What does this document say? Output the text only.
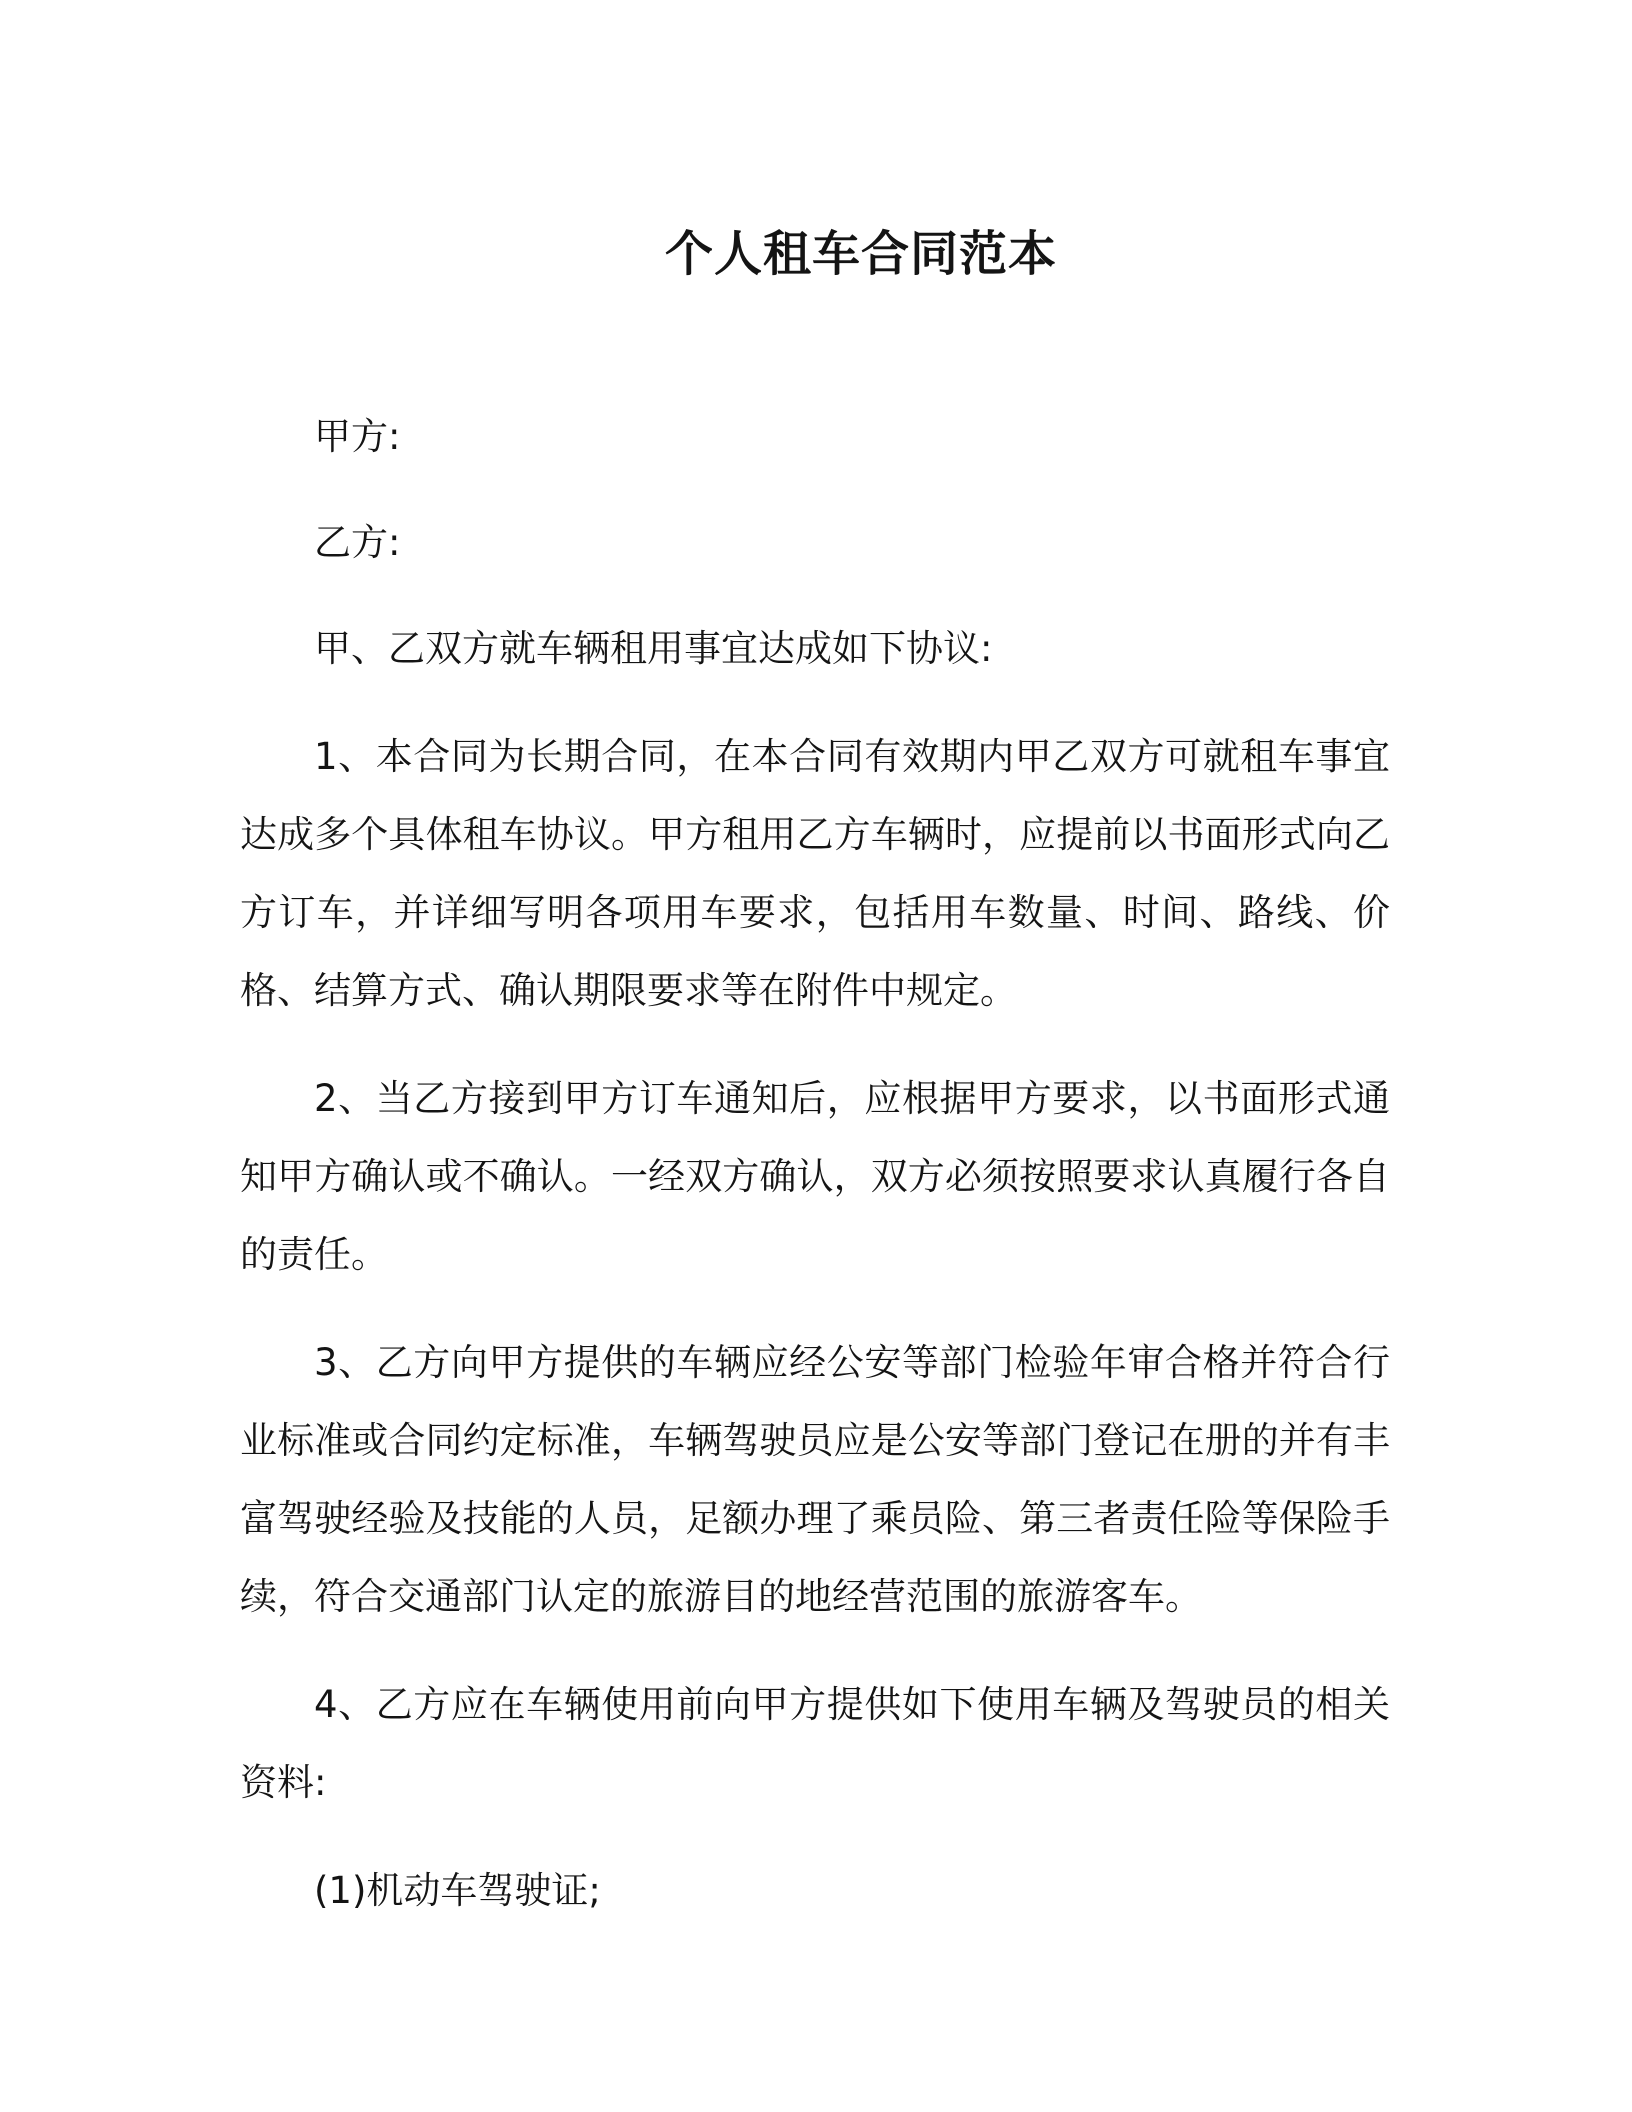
个人租车合同范本

甲方:

乙方:

甲、乙双方就车辆租用事宜达成如下协议:

1、本合同为长期合同，在本合同有效期内甲乙双方可就租车事宜达成多个具体租车协议。甲方租用乙方车辆时，应提前以书面形式向乙方订车，并详细写明各项用车要求，包括用车数量、时间、路线、价格、结算方式、确认期限要求等在附件中规定。

2、当乙方接到甲方订车通知后，应根据甲方要求，以书面形式通知甲方确认或不确认。一经双方确认，双方必须按照要求认真履行各自的责任。

3、乙方向甲方提供的车辆应经公安等部门检验年审合格并符合行业标准或合同约定标准，车辆驾驶员应是公安等部门登记在册的并有丰富驾驶经验及技能的人员，足额办理了乘员险、第三者责任险等保险手续，符合交通部门认定的旅游目的地经营范围的旅游客车。

4、乙方应在车辆使用前向甲方提供如下使用车辆及驾驶员的相关资料:

(1)机动车驾驶证;
